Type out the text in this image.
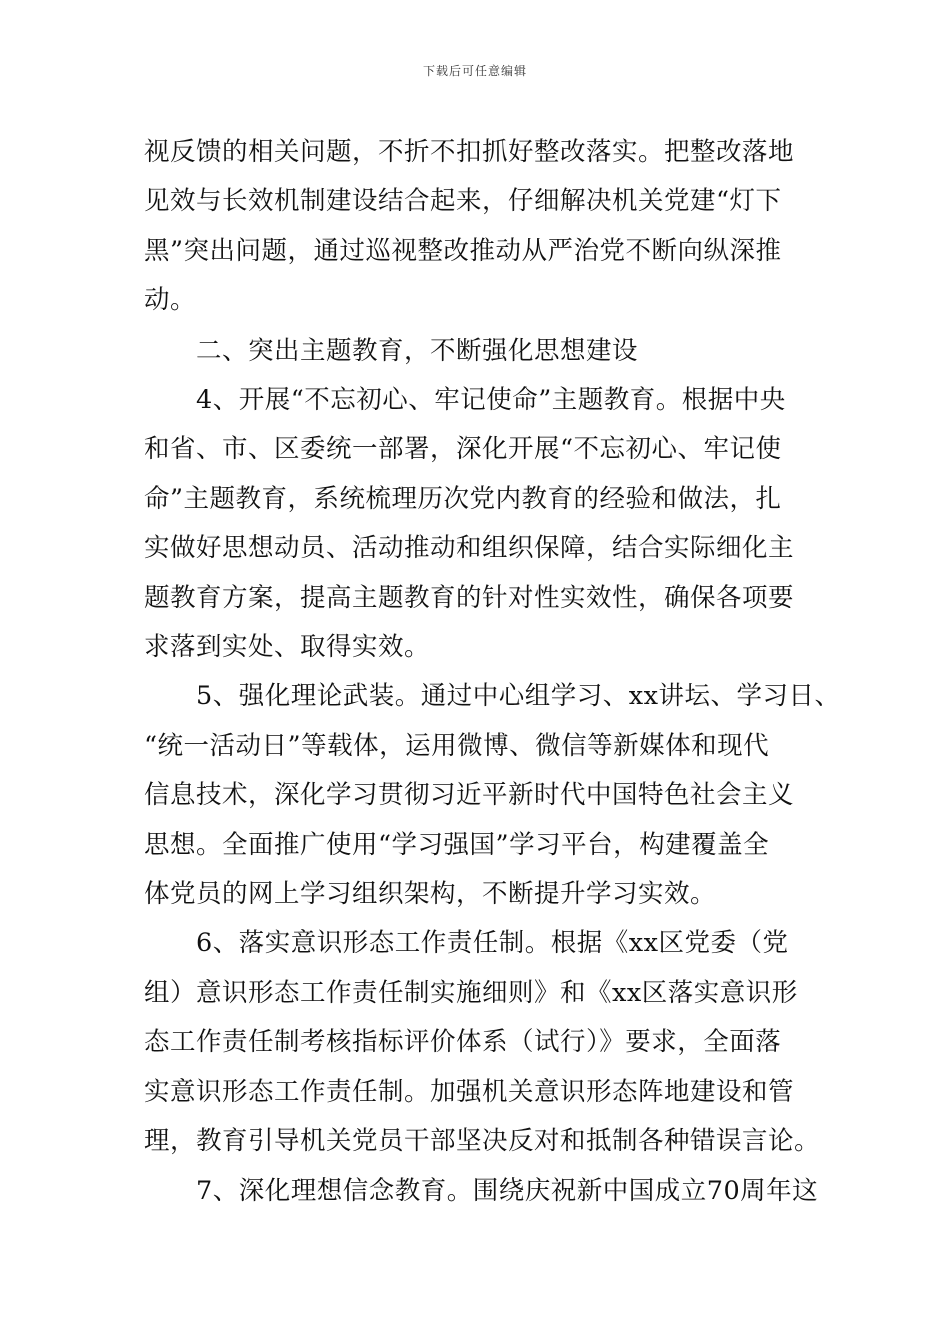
下载后可任意编辑
视反馈的相关问题，不折不扣抓好整改落实。把整改落地
见效与长效机制建设结合起来，仔细解决机关党建“灯下
黑”突出问题，通过巡视整改推动从严治党不断向纵深推
动。
　　二、突出主题教育，不断强化思想建设
　　4、开展“不忘初心、牢记使命”主题教育。根据中央
和省、市、区委统一部署，深化开展“不忘初心、牢记使
命”主题教育，系统梳理历次党内教育的经验和做法，扎
实做好思想动员、活动推动和组织保障，结合实际细化主
题教育方案，提高主题教育的针对性实效性，确保各项要
求落到实处、取得实效。
　　5、强化理论武装。通过中心组学习、xx讲坛、学习日、
“统一活动日”等载体，运用微博、微信等新媒体和现代
信息技术，深化学习贯彻习近平新时代中国特色社会主义
思想。全面推广使用“学习强国”学习平台，构建覆盖全
体党员的网上学习组织架构，不断提升学习实效。
　　6、落实意识形态工作责任制。根据《xx区党委（党
组）意识形态工作责任制实施细则》和《xx区落实意识形
态工作责任制考核指标评价体系（试行）》要求，全面落
实意识形态工作责任制。加强机关意识形态阵地建设和管
理，教育引导机关党员干部坚决反对和抵制各种错误言论。
　　7、深化理想信念教育。围绕庆祝新中国成立70周年这
